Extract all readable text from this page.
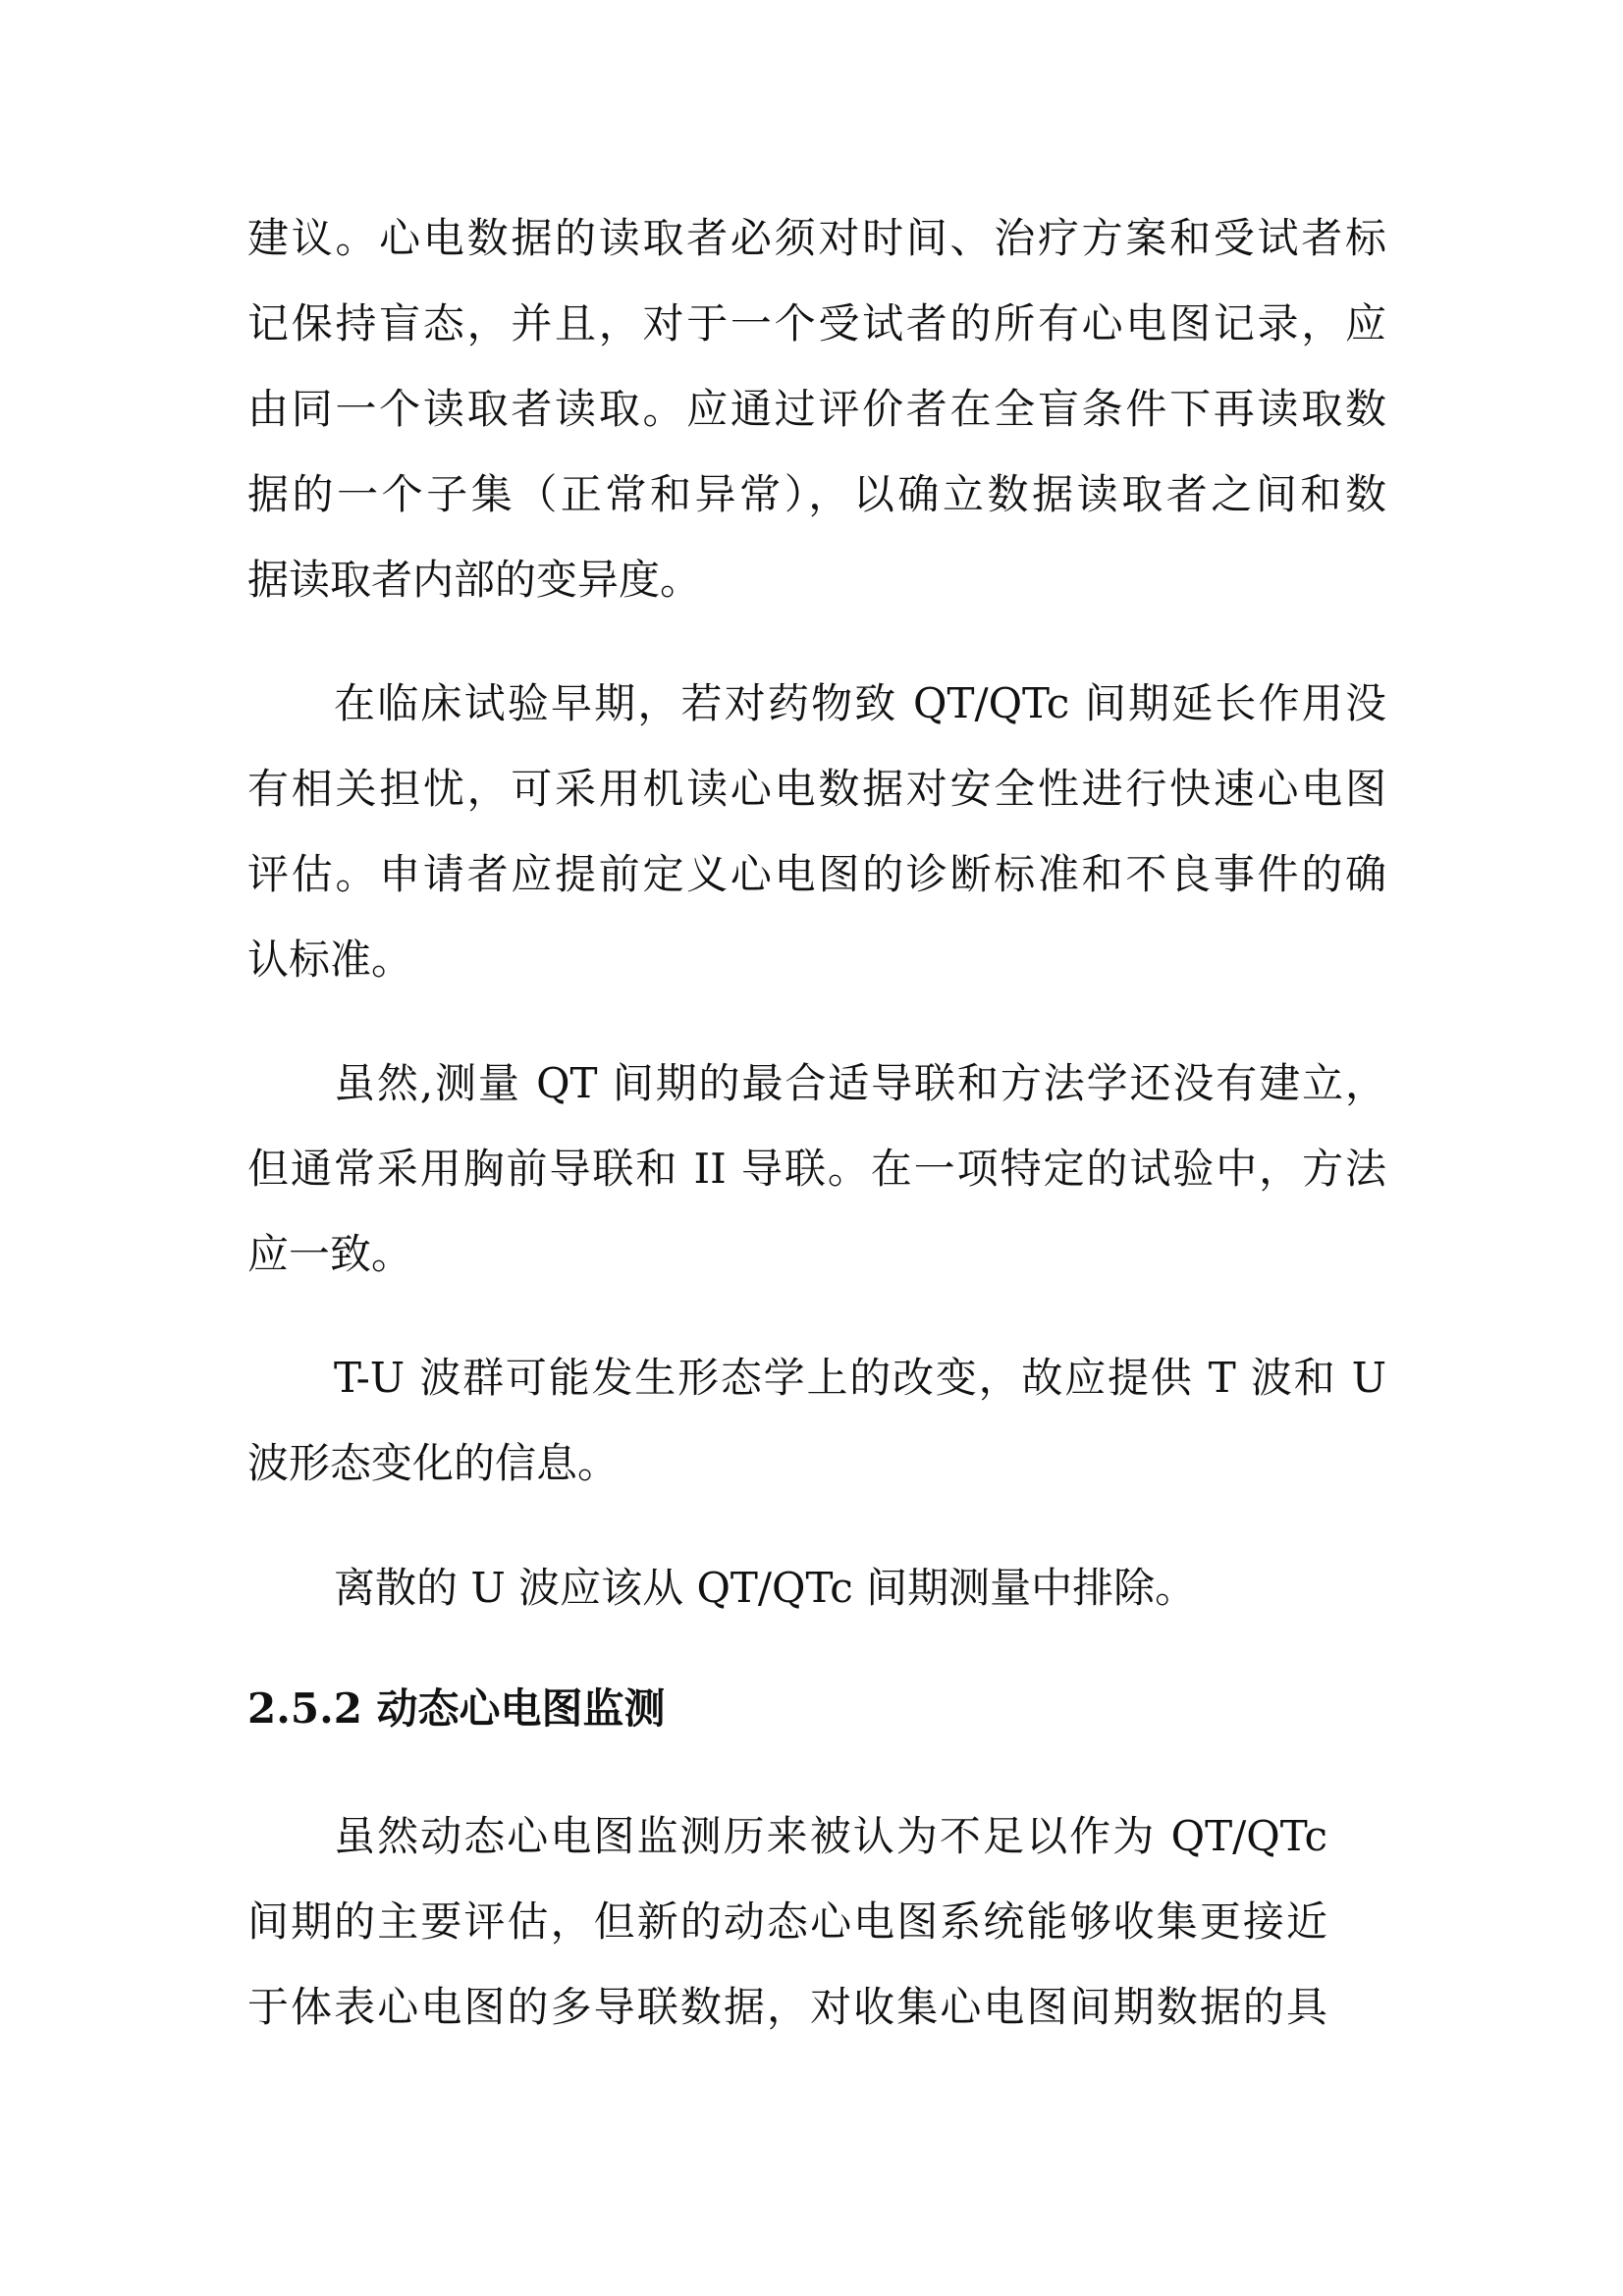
建议。心电数据的读取者必须对时间、治疗方案和受试者标
记保持盲态，并且，对于一个受试者的所有心电图记录，应
由同一个读取者读取。应通过评价者在全盲条件下再读取数
据的一个子集（正常和异常），以确立数据读取者之间和数
据读取者内部的变异度。
在临床试验早期，若对药物致 QT/QTc 间期延长作用没
有相关担忧，可采用机读心电数据对安全性进行快速心电图
评估。申请者应提前定义心电图的诊断标准和不良事件的确
认标准。
虽然,测量 QT 间期的最合适导联和方法学还没有建立，
但通常采用胸前导联和 II 导联。在一项特定的试验中，方法
应一致。
T-U 波群可能发生形态学上的改变，故应提供 T 波和 U
波形态变化的信息。
离散的 U 波应该从 QT/QTc 间期测量中排除。
2.5.2 动态心电图监测
虽然动态心电图监测历来被认为不足以作为 QT/QTc
间期的主要评估，但新的动态心电图系统能够收集更接近
于体表心电图的多导联数据，对收集心电图间期数据的具
